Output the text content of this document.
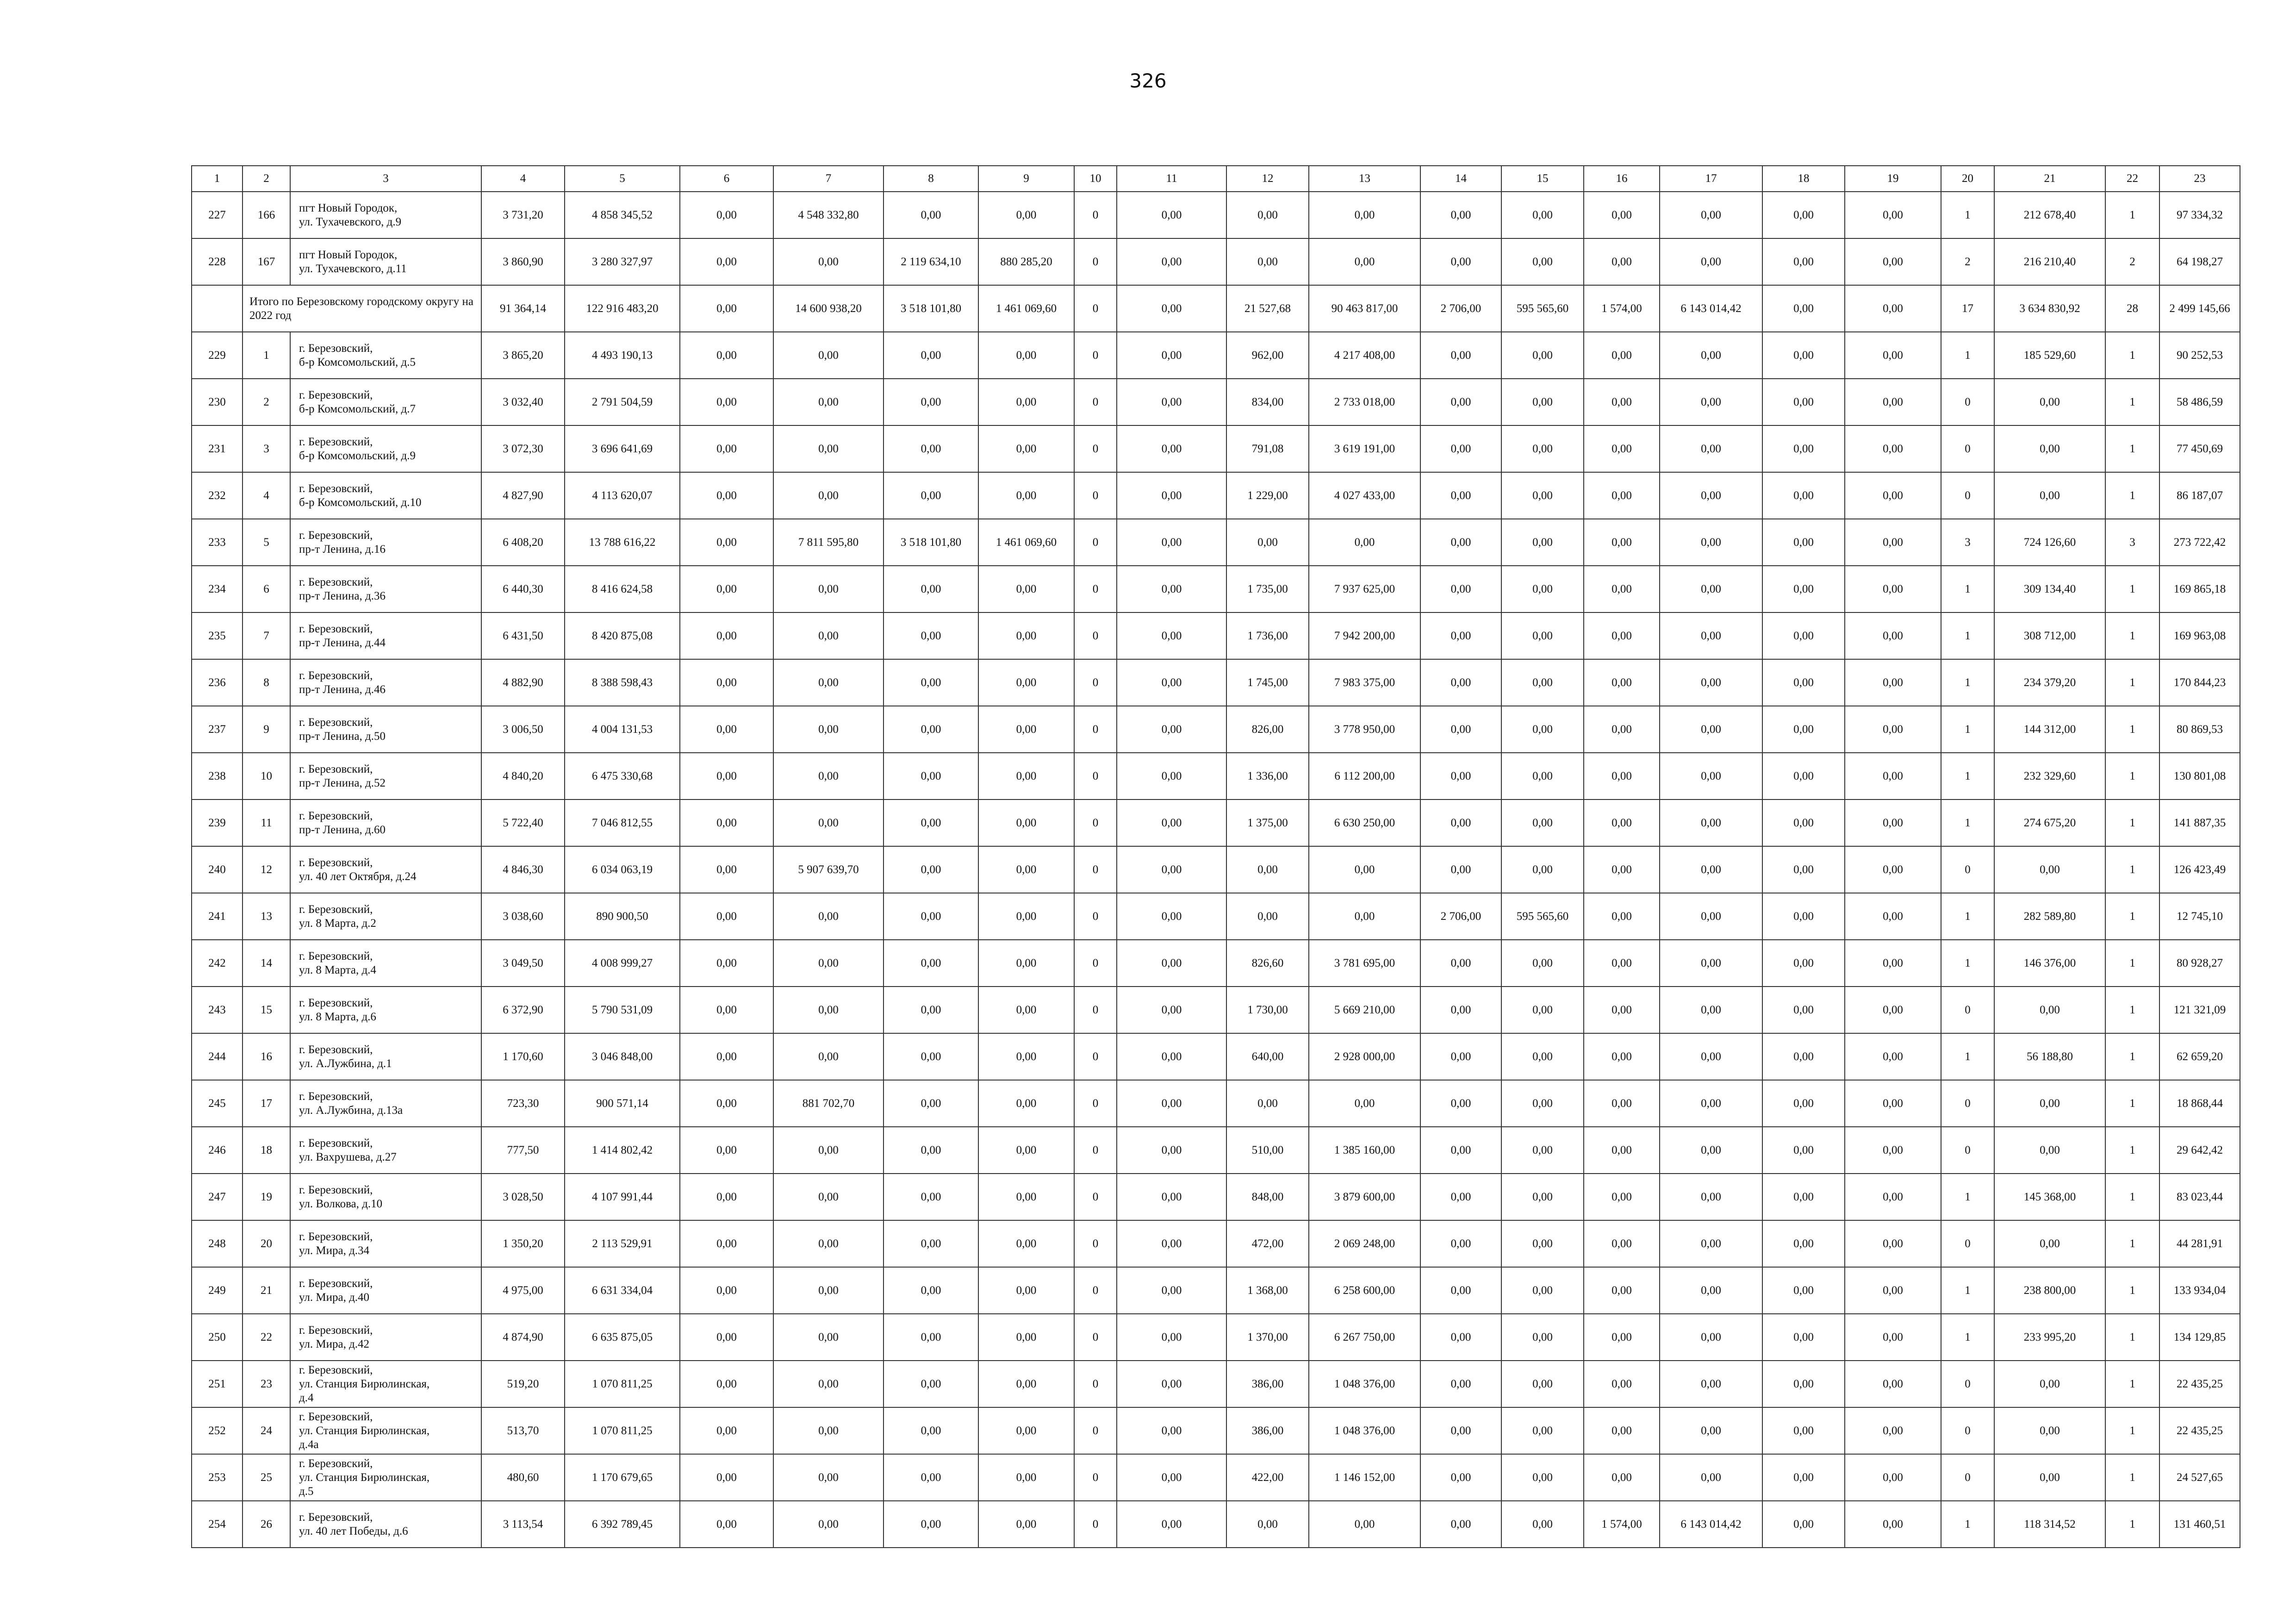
326
1	2	3	4	5	6	7	8	9	10	11	12	13	14	15	16	17	18	19	20	21	22	23
227	166	пгт Новый Городок,
ул. Тухачевского, д.9	3 731,20	4 858 345,52	0,00	4 548 332,80	0,00	0,00	0	0,00	0,00	0,00	0,00	0,00	0,00	0,00	0,00	0,00	1	212 678,40	1	97 334,32
228	167	пгт Новый Городок,
ул. Тухачевского, д.11	3 860,90	3 280 327,97	0,00	0,00	2 119 634,10	880 285,20	0	0,00	0,00	0,00	0,00	0,00	0,00	0,00	0,00	0,00	2	216 210,40	2	64 198,27
	Итого по Березовскому городскому округу на 2022 год		91 364,14	122 916 483,20	0,00	14 600 938,20	3 518 101,80	1 461 069,60	0	0,00	21 527,68	90 463 817,00	2 706,00	595 565,60	1 574,00	6 143 014,42	0,00	0,00	17	3 634 830,92	28	2 499 145,66
229	1	г. Березовский,
б-р Комсомольский, д.5	3 865,20	4 493 190,13	0,00	0,00	0,00	0,00	0	0,00	962,00	4 217 408,00	0,00	0,00	0,00	0,00	0,00	0,00	1	185 529,60	1	90 252,53
230	2	г. Березовский,
б-р Комсомольский, д.7	3 032,40	2 791 504,59	0,00	0,00	0,00	0,00	0	0,00	834,00	2 733 018,00	0,00	0,00	0,00	0,00	0,00	0,00	0	0,00	1	58 486,59
231	3	г. Березовский,
б-р Комсомольский, д.9	3 072,30	3 696 641,69	0,00	0,00	0,00	0,00	0	0,00	791,08	3 619 191,00	0,00	0,00	0,00	0,00	0,00	0,00	0	0,00	1	77 450,69
232	4	г. Березовский,
б-р Комсомольский, д.10	4 827,90	4 113 620,07	0,00	0,00	0,00	0,00	0	0,00	1 229,00	4 027 433,00	0,00	0,00	0,00	0,00	0,00	0,00	0	0,00	1	86 187,07
233	5	г. Березовский,
пр-т Ленина, д.16	6 408,20	13 788 616,22	0,00	7 811 595,80	3 518 101,80	1 461 069,60	0	0,00	0,00	0,00	0,00	0,00	0,00	0,00	0,00	0,00	3	724 126,60	3	273 722,42
234	6	г. Березовский,
пр-т Ленина, д.36	6 440,30	8 416 624,58	0,00	0,00	0,00	0,00	0	0,00	1 735,00	7 937 625,00	0,00	0,00	0,00	0,00	0,00	0,00	1	309 134,40	1	169 865,18
235	7	г. Березовский,
пр-т Ленина, д.44	6 431,50	8 420 875,08	0,00	0,00	0,00	0,00	0	0,00	1 736,00	7 942 200,00	0,00	0,00	0,00	0,00	0,00	0,00	1	308 712,00	1	169 963,08
236	8	г. Березовский,
пр-т Ленина, д.46	4 882,90	8 388 598,43	0,00	0,00	0,00	0,00	0	0,00	1 745,00	7 983 375,00	0,00	0,00	0,00	0,00	0,00	0,00	1	234 379,20	1	170 844,23
237	9	г. Березовский,
пр-т Ленина, д.50	3 006,50	4 004 131,53	0,00	0,00	0,00	0,00	0	0,00	826,00	3 778 950,00	0,00	0,00	0,00	0,00	0,00	0,00	1	144 312,00	1	80 869,53
238	10	г. Березовский,
пр-т Ленина, д.52	4 840,20	6 475 330,68	0,00	0,00	0,00	0,00	0	0,00	1 336,00	6 112 200,00	0,00	0,00	0,00	0,00	0,00	0,00	1	232 329,60	1	130 801,08
239	11	г. Березовский,
пр-т Ленина, д.60	5 722,40	7 046 812,55	0,00	0,00	0,00	0,00	0	0,00	1 375,00	6 630 250,00	0,00	0,00	0,00	0,00	0,00	0,00	1	274 675,20	1	141 887,35
240	12	г. Березовский,
ул. 40 лет Октября, д.24	4 846,30	6 034 063,19	0,00	5 907 639,70	0,00	0,00	0	0,00	0,00	0,00	0,00	0,00	0,00	0,00	0,00	0,00	0	0,00	1	126 423,49
241	13	г. Березовский,
ул. 8 Марта, д.2	3 038,60	890 900,50	0,00	0,00	0,00	0,00	0	0,00	0,00	0,00	2 706,00	595 565,60	0,00	0,00	0,00	0,00	1	282 589,80	1	12 745,10
242	14	г. Березовский,
ул. 8 Марта, д.4	3 049,50	4 008 999,27	0,00	0,00	0,00	0,00	0	0,00	826,60	3 781 695,00	0,00	0,00	0,00	0,00	0,00	0,00	1	146 376,00	1	80 928,27
243	15	г. Березовский,
ул. 8 Марта, д.6	6 372,90	5 790 531,09	0,00	0,00	0,00	0,00	0	0,00	1 730,00	5 669 210,00	0,00	0,00	0,00	0,00	0,00	0,00	0	0,00	1	121 321,09
244	16	г. Березовский,
ул. А.Лужбина, д.1	1 170,60	3 046 848,00	0,00	0,00	0,00	0,00	0	0,00	640,00	2 928 000,00	0,00	0,00	0,00	0,00	0,00	0,00	1	56 188,80	1	62 659,20
245	17	г. Березовский,
ул. А.Лужбина, д.13а	723,30	900 571,14	0,00	881 702,70	0,00	0,00	0	0,00	0,00	0,00	0,00	0,00	0,00	0,00	0,00	0,00	0	0,00	1	18 868,44
246	18	г. Березовский,
ул. Вахрушева, д.27	777,50	1 414 802,42	0,00	0,00	0,00	0,00	0	0,00	510,00	1 385 160,00	0,00	0,00	0,00	0,00	0,00	0,00	0	0,00	1	29 642,42
247	19	г. Березовский,
ул. Волкова, д.10	3 028,50	4 107 991,44	0,00	0,00	0,00	0,00	0	0,00	848,00	3 879 600,00	0,00	0,00	0,00	0,00	0,00	0,00	1	145 368,00	1	83 023,44
248	20	г. Березовский,
ул. Мира, д.34	1 350,20	2 113 529,91	0,00	0,00	0,00	0,00	0	0,00	472,00	2 069 248,00	0,00	0,00	0,00	0,00	0,00	0,00	0	0,00	1	44 281,91
249	21	г. Березовский,
ул. Мира, д.40	4 975,00	6 631 334,04	0,00	0,00	0,00	0,00	0	0,00	1 368,00	6 258 600,00	0,00	0,00	0,00	0,00	0,00	0,00	1	238 800,00	1	133 934,04
250	22	г. Березовский,
ул. Мира, д.42	4 874,90	6 635 875,05	0,00	0,00	0,00	0,00	0	0,00	1 370,00	6 267 750,00	0,00	0,00	0,00	0,00	0,00	0,00	1	233 995,20	1	134 129,85
251	23	г. Березовский,
ул. Станция Бирюлинская,
д.4	519,20	1 070 811,25	0,00	0,00	0,00	0,00	0	0,00	386,00	1 048 376,00	0,00	0,00	0,00	0,00	0,00	0,00	0	0,00	1	22 435,25
252	24	г. Березовский,
ул. Станция Бирюлинская,
д.4а	513,70	1 070 811,25	0,00	0,00	0,00	0,00	0	0,00	386,00	1 048 376,00	0,00	0,00	0,00	0,00	0,00	0,00	0	0,00	1	22 435,25
253	25	г. Березовский,
ул. Станция Бирюлинская,
д.5	480,60	1 170 679,65	0,00	0,00	0,00	0,00	0	0,00	422,00	1 146 152,00	0,00	0,00	0,00	0,00	0,00	0,00	0	0,00	1	24 527,65
254	26	г. Березовский,
ул. 40 лет Победы, д.6	3 113,54	6 392 789,45	0,00	0,00	0,00	0,00	0	0,00	0,00	0,00	0,00	0,00	1 574,00	6 143 014,42	0,00	0,00	1	118 314,52	1	131 460,51
